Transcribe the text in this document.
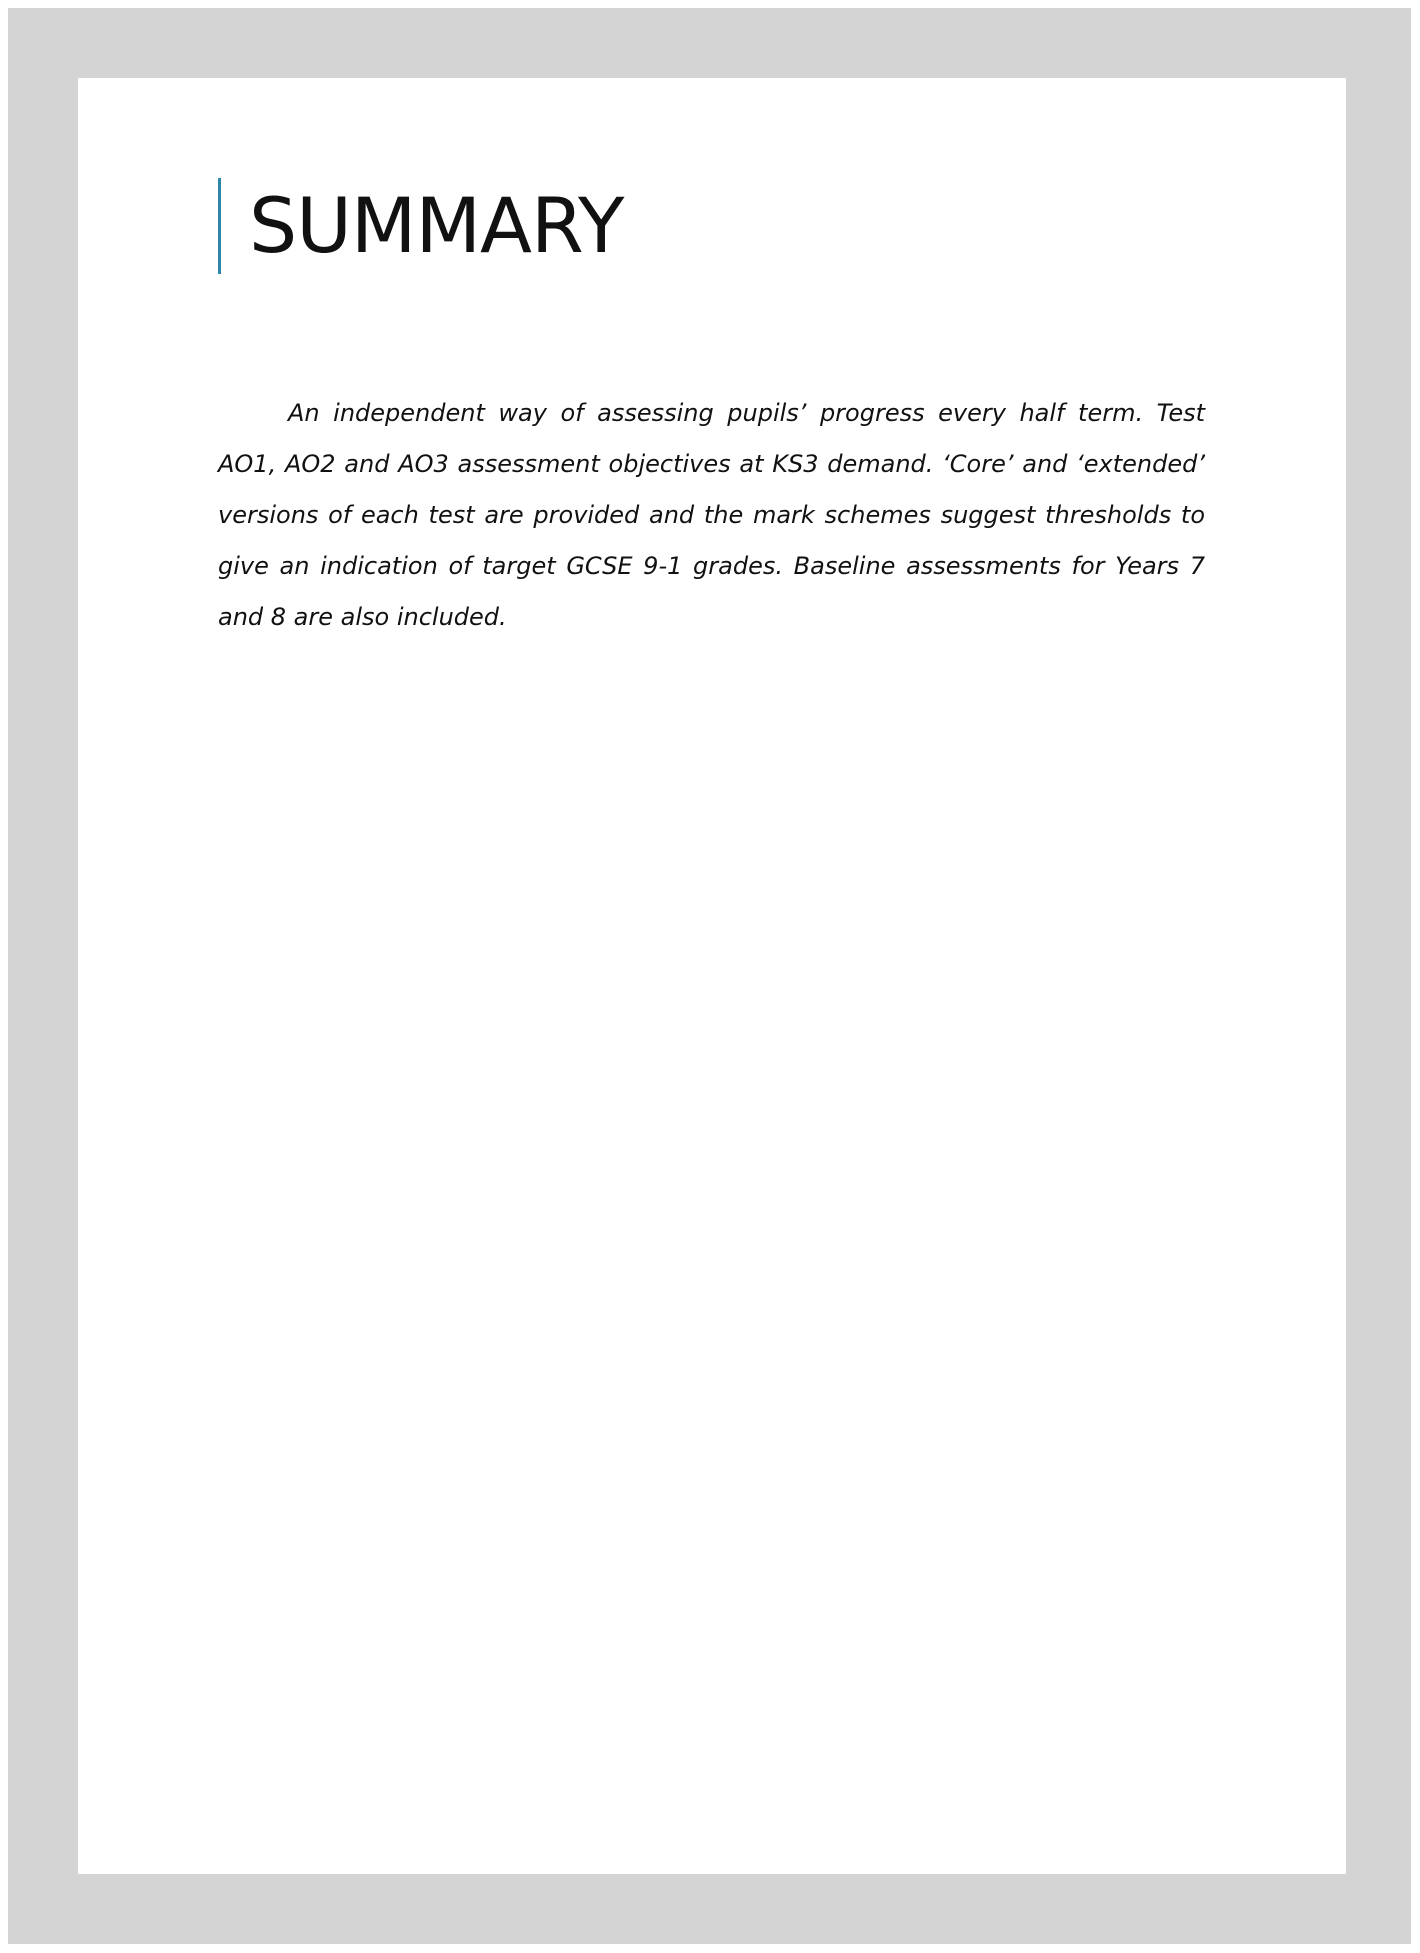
SUMMARY

An independent way of assessing pupils’ progress every half term. Test AO1, AO2 and AO3 assessment objectives at KS3 demand. ‘Core’ and ‘extended’ versions of each test are provided and the mark schemes suggest thresholds to give an indication of target GCSE 9-1 grades. Baseline assessments for Years 7 and 8 are also included.
